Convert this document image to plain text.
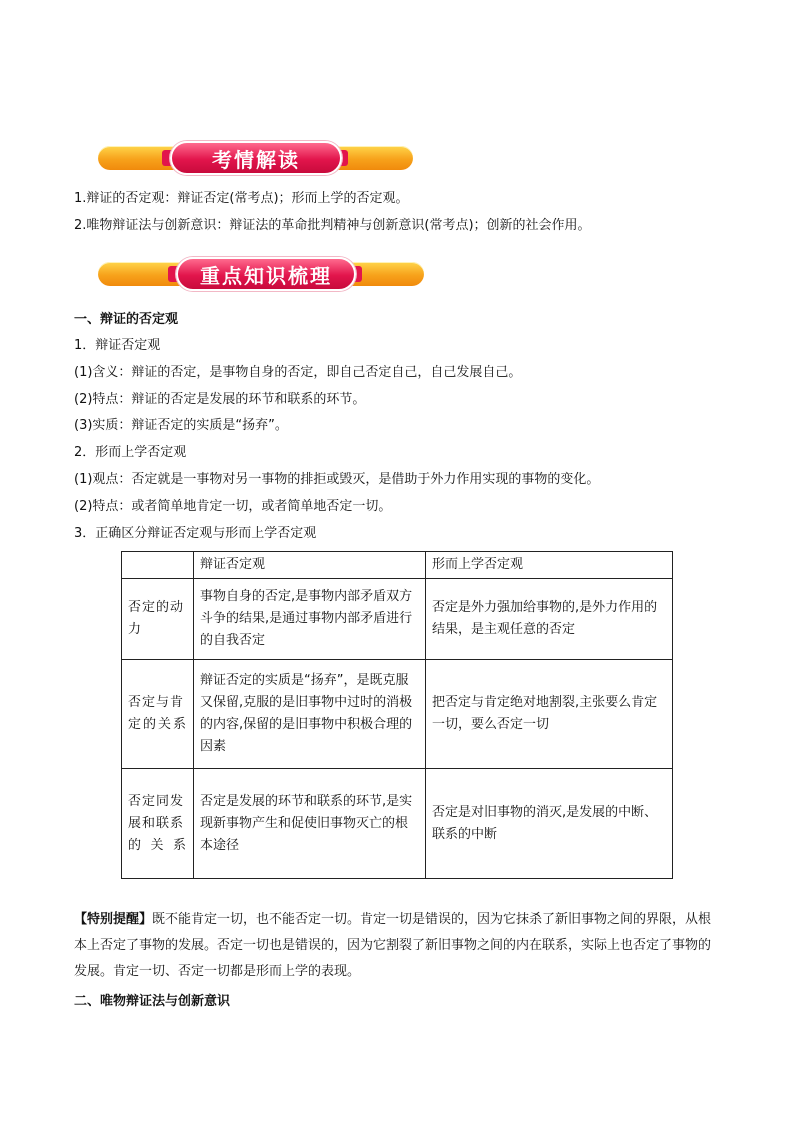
考情解读
1.辩证的否定观：辩证否定(常考点)；形而上学的否定观。
2.唯物辩证法与创新意识：辩证法的革命批判精神与创新意识(常考点)；创新的社会作用。
重点知识梳理
一、辩证的否定观
1．辩证否定观
(1)含义：辩证的否定，是事物自身的否定，即自己否定自己，自己发展自己。
(2)特点：辩证的否定是发展的环节和联系的环节。
(3)实质：辩证否定的实质是“扬弃”。
2．形而上学否定观
(1)观点：否定就是一事物对另一事物的排拒或毁灭，是借助于外力作用实现的事物的变化。
(2)特点：或者简单地肯定一切，或者简单地否定一切。
3．正确区分辩证否定观与形而上学否定观
	辩证否定观	形而上学否定观
否定的动力	事物自身的否定,是事物内部矛盾双方斗争的结果,是通过事物内部矛盾进行的自我否定	否定是外力强加给事物的,是外力作用的结果，是主观任意的否定
否定与肯定的关系	辩证否定的实质是“扬弃”，是既克服又保留,克服的是旧事物中过时的消极的内容,保留的是旧事物中积极合理的因素	把否定与肯定绝对地割裂,主张要么肯定一切，要么否定一切
否定同发展和联系的关系	否定是发展的环节和联系的环节,是实现新事物产生和促使旧事物灭亡的根本途径	否定是对旧事物的消灭,是发展的中断、联系的中断
【特别提醒】既不能肯定一切，也不能否定一切。肯定一切是错误的，因为它抹杀了新旧事物之间的界限，从根本上否定了事物的发展。否定一切也是错误的，因为它割裂了新旧事物之间的内在联系，实际上也否定了事物的发展。肯定一切、否定一切都是形而上学的表现。
二、唯物辩证法与创新意识
